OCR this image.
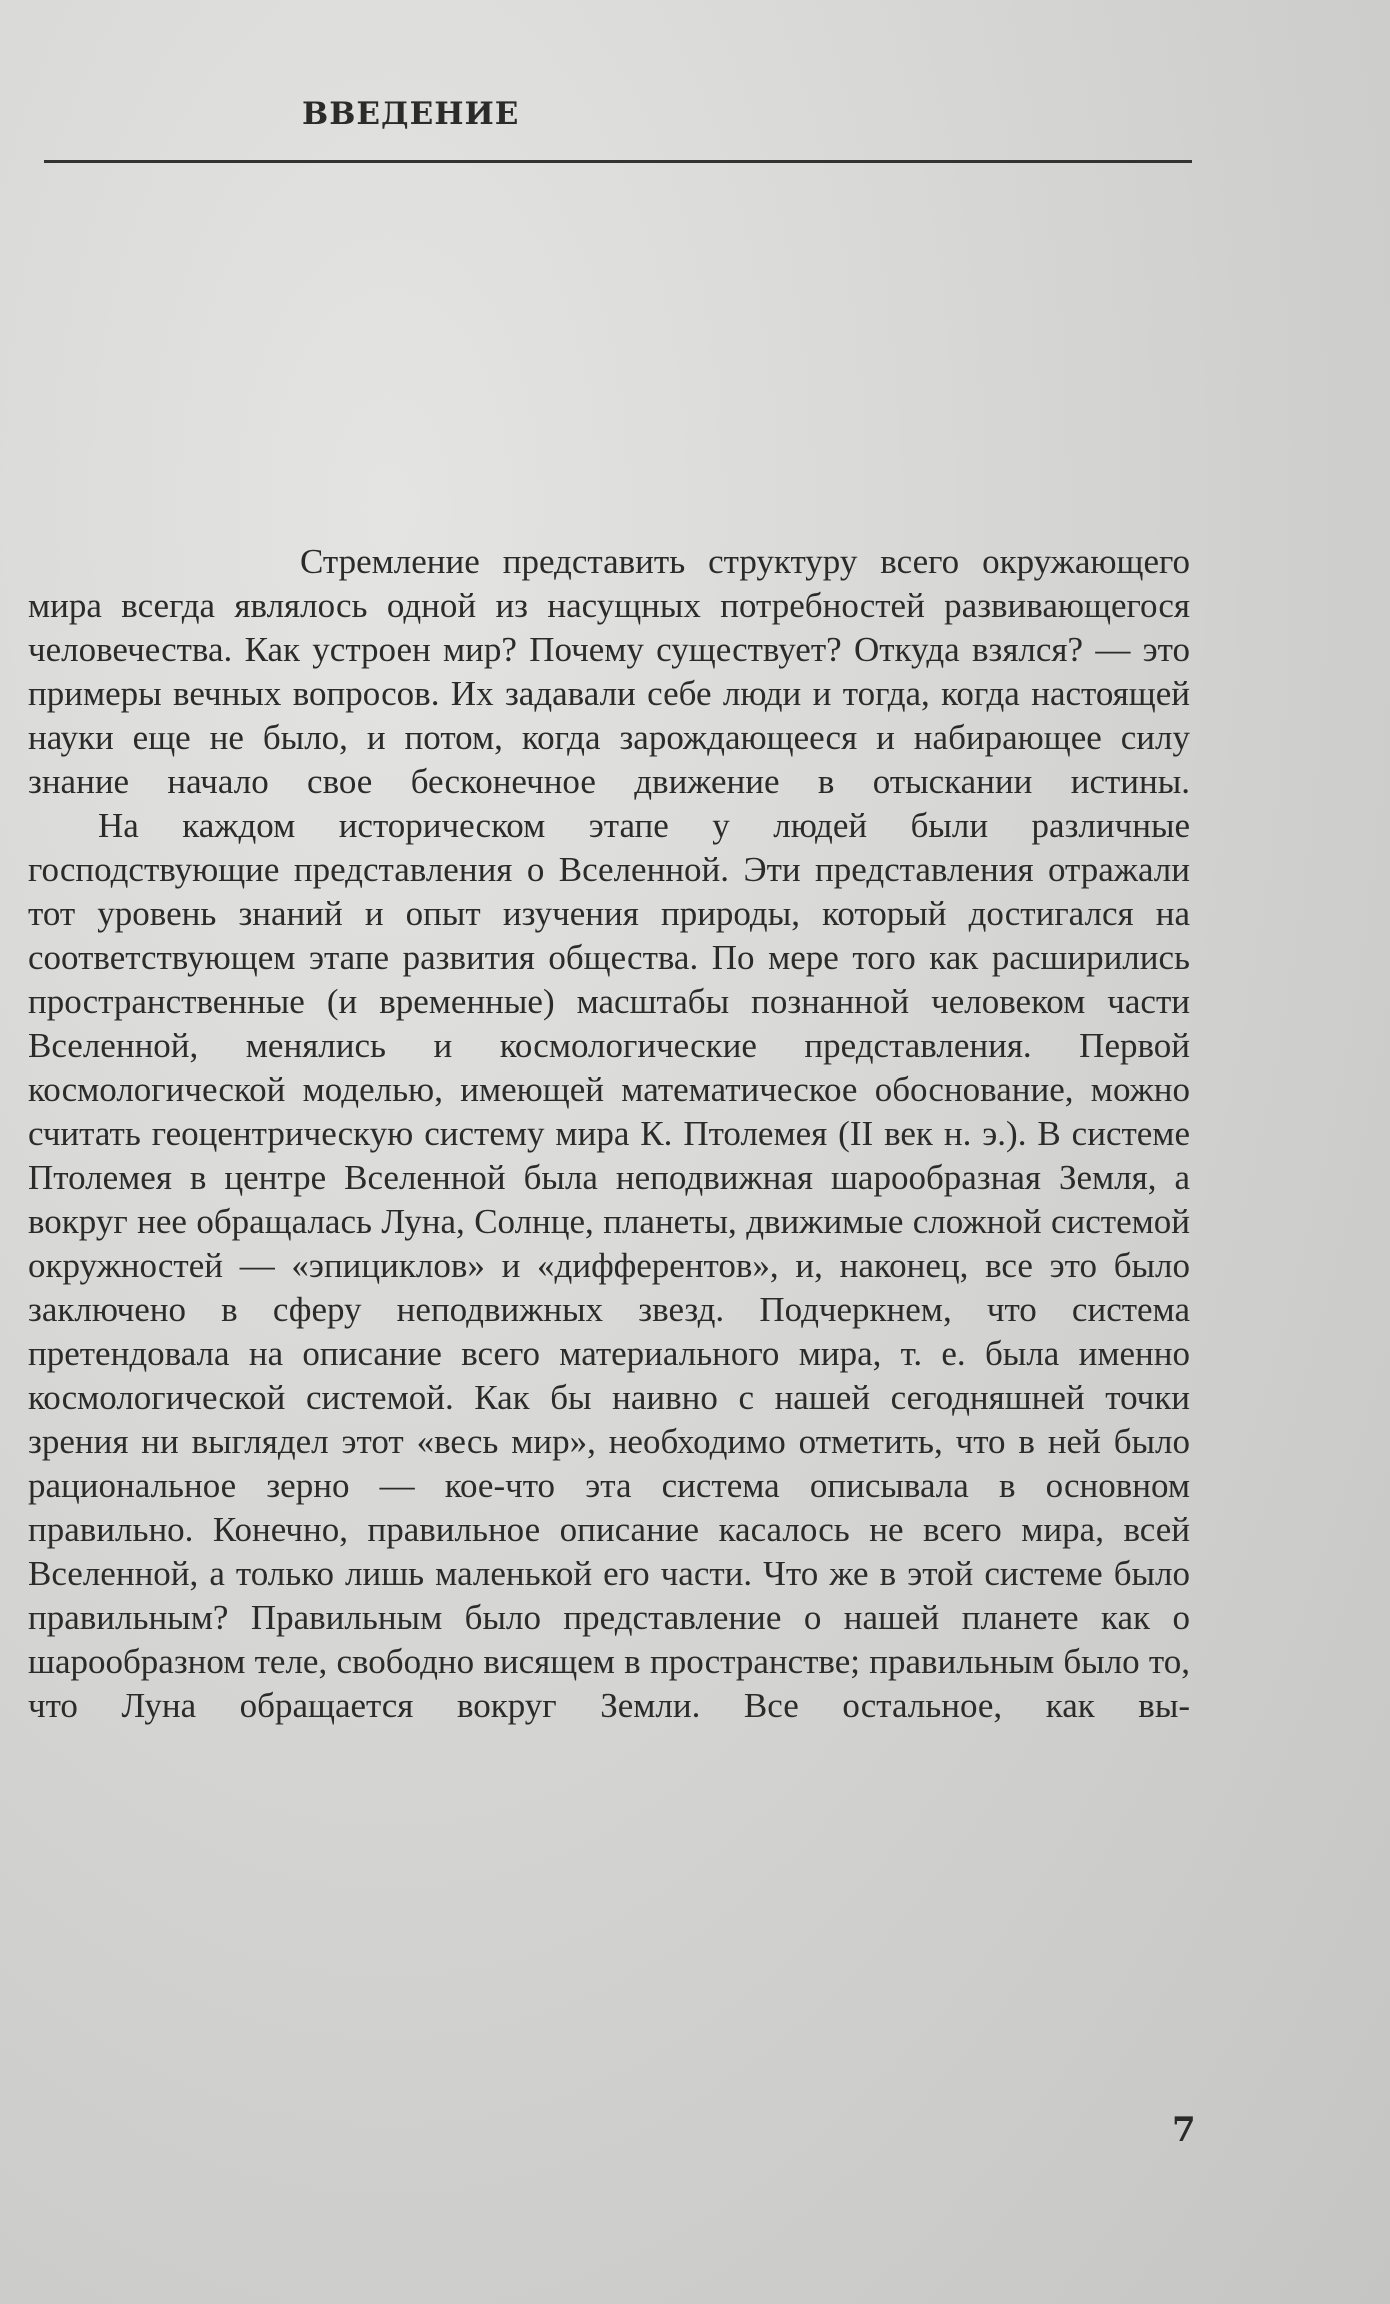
ВВЕДЕНИЕ

Стремление представить структуру всего окружающего мира всегда являлось одной из насущных потребностей развивающегося человечества. Как устроен мир? Почему существует? Откуда взялся? — это примеры вечных вопросов. Их задавали себе люди и тогда, когда настоящей науки еще не было, и потом, когда зарождающееся и набирающее силу знание начало свое бесконечное движение в отыскании истины.

На каждом историческом этапе у людей были различные господствующие представления о Вселенной. Эти представления отражали тот уровень знаний и опыт изучения природы, который достигался на соответствующем этапе развития общества. По мере того как расширились пространственные (и временные) масштабы познанной человеком части Вселенной, менялись и космологические представления. Первой космологической моделью, имеющей математическое обоснование, можно считать геоцентрическую систему мира К. Птолемея (II век н. э.). В системе Птолемея в центре Вселенной была неподвижная шарообразная Земля, а вокруг нее обращалась Луна, Солнце, планеты, движимые сложной системой окружностей — «эпициклов» и «дифферентов», и, наконец, все это было заключено в сферу неподвижных звезд. Подчеркнем, что система претендовала на описание всего материального мира, т. е. была именно космологической системой. Как бы наивно с нашей сегодняшней точки зрения ни выглядел этот «весь мир», необходимо отметить, что в ней было рациональное зерно — кое-что эта система описывала в основном правильно. Конечно, правильное описание касалось не всего мира, всей Вселенной, а только лишь маленькой его части. Что же в этой системе было правильным? Правильным было представление о нашей планете как о шарообразном теле, свободно висящем в пространстве; правильным было то, что Луна обращается вокруг Земли. Все остальное, как вы-

7
